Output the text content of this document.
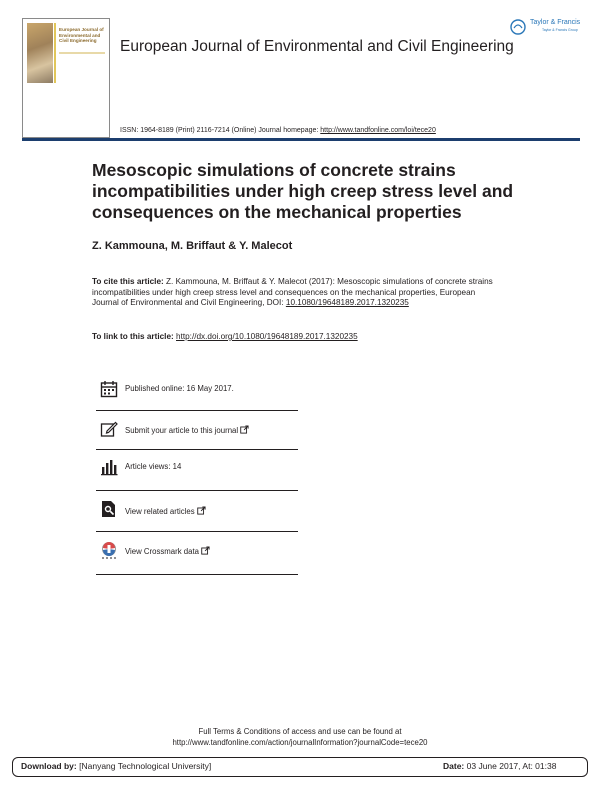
European Journal of Environmental and Civil Engineering	European Journal of Environmental and Civil Engineering
Taylor & Francis
Taylor & Francis Group
ISSN: 1964-8189 (Print) 2116-7214 (Online) Journal homepage: http://www.tandfonline.com/loi/tece20
Mesoscopic simulations of concrete strains incompatibilities under high creep stress level and consequences on the mechanical properties
Z. Kammouna, M. Briffaut & Y. Malecot
To cite this article: Z. Kammouna, M. Briffaut & Y. Malecot (2017): Mesoscopic simulations of concrete strains incompatibilities under high creep stress level and consequences on the mechanical properties, European Journal of Environmental and Civil Engineering, DOI: 10.1080/19648189.2017.1320235
To link to this article: http://dx.doi.org/10.1080/19648189.2017.1320235
Published online: 16 May 2017.
Submit your article to this journal
Article views: 14
View related articles
View Crossmark data
Full Terms & Conditions of access and use can be found at
http://www.tandfonline.com/action/journalInformation?journalCode=tece20
Download by: [Nanyang Technological University]	Date: 03 June 2017, At: 01:38
